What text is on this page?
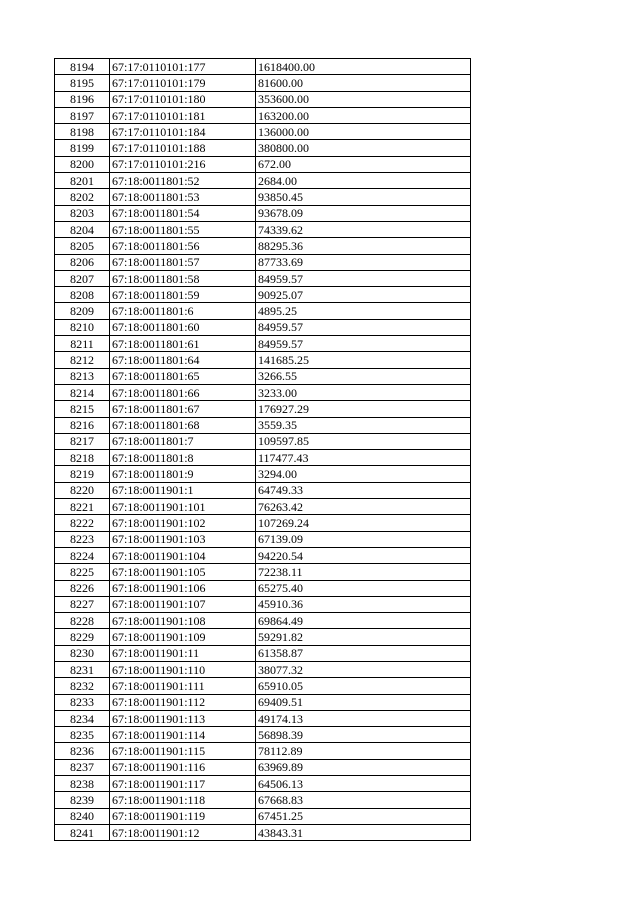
8194	67:17:0110101:177	1618400.00
8195	67:17:0110101:179	81600.00
8196	67:17:0110101:180	353600.00
8197	67:17:0110101:181	163200.00
8198	67:17:0110101:184	136000.00
8199	67:17:0110101:188	380800.00
8200	67:17:0110101:216	672.00
8201	67:18:0011801:52	2684.00
8202	67:18:0011801:53	93850.45
8203	67:18:0011801:54	93678.09
8204	67:18:0011801:55	74339.62
8205	67:18:0011801:56	88295.36
8206	67:18:0011801:57	87733.69
8207	67:18:0011801:58	84959.57
8208	67:18:0011801:59	90925.07
8209	67:18:0011801:6	4895.25
8210	67:18:0011801:60	84959.57
8211	67:18:0011801:61	84959.57
8212	67:18:0011801:64	141685.25
8213	67:18:0011801:65	3266.55
8214	67:18:0011801:66	3233.00
8215	67:18:0011801:67	176927.29
8216	67:18:0011801:68	3559.35
8217	67:18:0011801:7	109597.85
8218	67:18:0011801:8	117477.43
8219	67:18:0011801:9	3294.00
8220	67:18:0011901:1	64749.33
8221	67:18:0011901:101	76263.42
8222	67:18:0011901:102	107269.24
8223	67:18:0011901:103	67139.09
8224	67:18:0011901:104	94220.54
8225	67:18:0011901:105	72238.11
8226	67:18:0011901:106	65275.40
8227	67:18:0011901:107	45910.36
8228	67:18:0011901:108	69864.49
8229	67:18:0011901:109	59291.82
8230	67:18:0011901:11	61358.87
8231	67:18:0011901:110	38077.32
8232	67:18:0011901:111	65910.05
8233	67:18:0011901:112	69409.51
8234	67:18:0011901:113	49174.13
8235	67:18:0011901:114	56898.39
8236	67:18:0011901:115	78112.89
8237	67:18:0011901:116	63969.89
8238	67:18:0011901:117	64506.13
8239	67:18:0011901:118	67668.83
8240	67:18:0011901:119	67451.25
8241	67:18:0011901:12	43843.31
